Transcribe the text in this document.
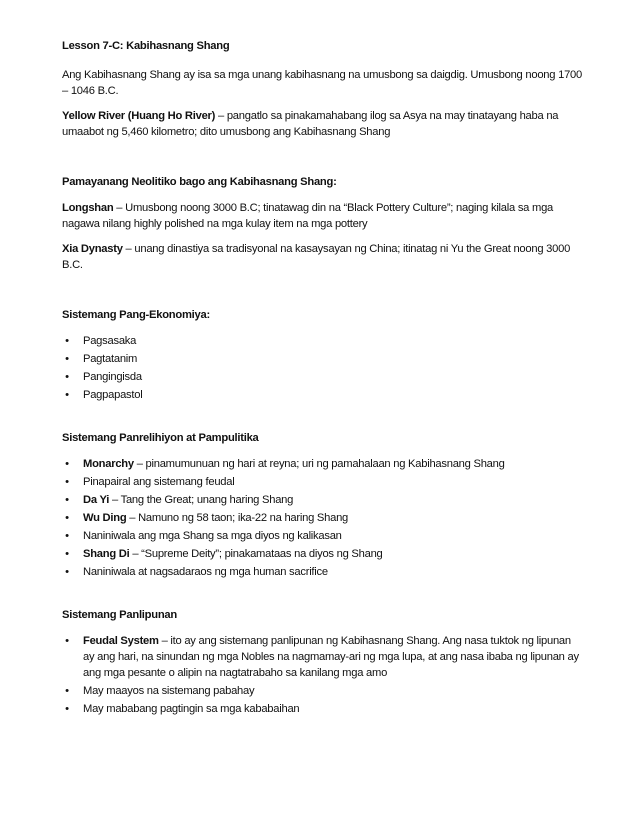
Lesson 7-C: Kabihasnang Shang

Ang Kabihasnang Shang ay isa sa mga unang kabihasnang na umusbong sa daigdig. Umusbong noong 1700 – 1046 B.C.

Yellow River (Huang Ho River) – pangatlo sa pinakamahabang ilog sa Asya na may tinatayang haba na umaabot ng 5,460 kilometro; dito umusbong ang Kabihasnang Shang

Pamayanang Neolitiko bago ang Kabihasnang Shang:

Longshan – Umusbong noong 3000 B.C; tinatawag din na “Black Pottery Culture”; naging kilala sa mga nagawa nilang highly polished na mga kulay item na mga pottery

Xia Dynasty – unang dinastiya sa tradisyonal na kasaysayan ng China; itinatag ni Yu the Great noong 3000 B.C.

Sistemang Pang-Ekonomiya:

• Pagsasaka
• Pagtatanim
• Pangingisda
• Pagpapastol

Sistemang Panrelihiyon at Pampulitika

• Monarchy – pinamumunuan ng hari at reyna; uri ng pamahalaan ng Kabihasnang Shang
• Pinapairal ang sistemang feudal
• Da Yi – Tang the Great; unang haring Shang
• Wu Ding – Namuno ng 58 taon; ika-22 na haring Shang
• Naniniwala ang mga Shang sa mga diyos ng kalikasan
• Shang Di – “Supreme Deity”; pinakamataas na diyos ng Shang
• Naniniwala at nagsadaraos ng mga human sacrifice

Sistemang Panlipunan

• Feudal System – ito ay ang sistemang panlipunan ng Kabihasnang Shang. Ang nasa tuktok ng lipunan ay ang hari, na sinundan ng mga Nobles na nagmamay-ari ng mga lupa, at ang nasa ibaba ng lipunan ay ang mga pesante o alipin na nagtatrabaho sa kanilang mga amo
• May maayos na sistemang pabahay
• May mababang pagtingin sa mga kababaihan
